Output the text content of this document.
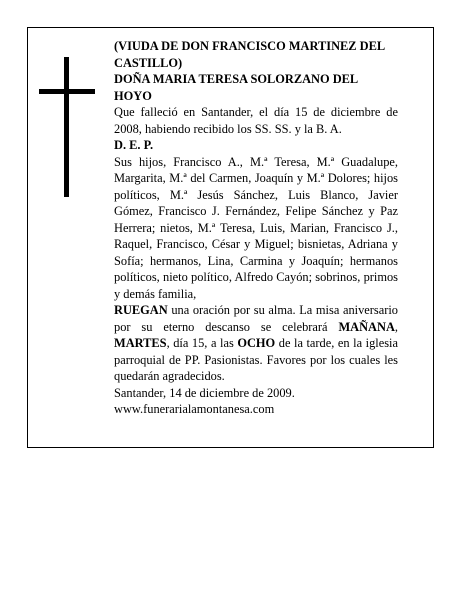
(VIUDA DE DON FRANCISCO MARTINEZ DEL CASTILLO)

DOÑA MARIA TERESA SOLORZANO DEL HOYO

Que falleció en Santander, el día 15 de diciembre de 2008, habiendo recibido los SS. SS. y la B. A.

D. E. P.

Sus hijos, Francisco A., M.ª Teresa, M.ª Guadalupe, Margarita, M.ª del Carmen, Joaquín y M.ª Dolores; hijos políticos, M.ª Jesús Sánchez, Luis Blanco, Javier Gómez, Francisco J. Fernández, Felipe Sánchez y Paz Herrera; nietos, M.ª Teresa, Luis, Marian, Francisco J., Raquel, Francisco, César y Miguel; bisnietas, Adriana y Sofía; hermanos, Lina, Carmina y Joaquín; hermanos políticos, nieto político, Alfredo Cayón; sobrinos, primos y demás familia,

RUEGAN una oración por su alma. La misa aniversario por su eterno descanso se celebrará MAÑANA, MARTES, día 15, a las OCHO de la tarde, en la iglesia parroquial de PP. Pasionistas. Favores por los cuales les quedarán agradecidos.

Santander, 14 de diciembre de 2009.

www.funerarialamontanesa.com
